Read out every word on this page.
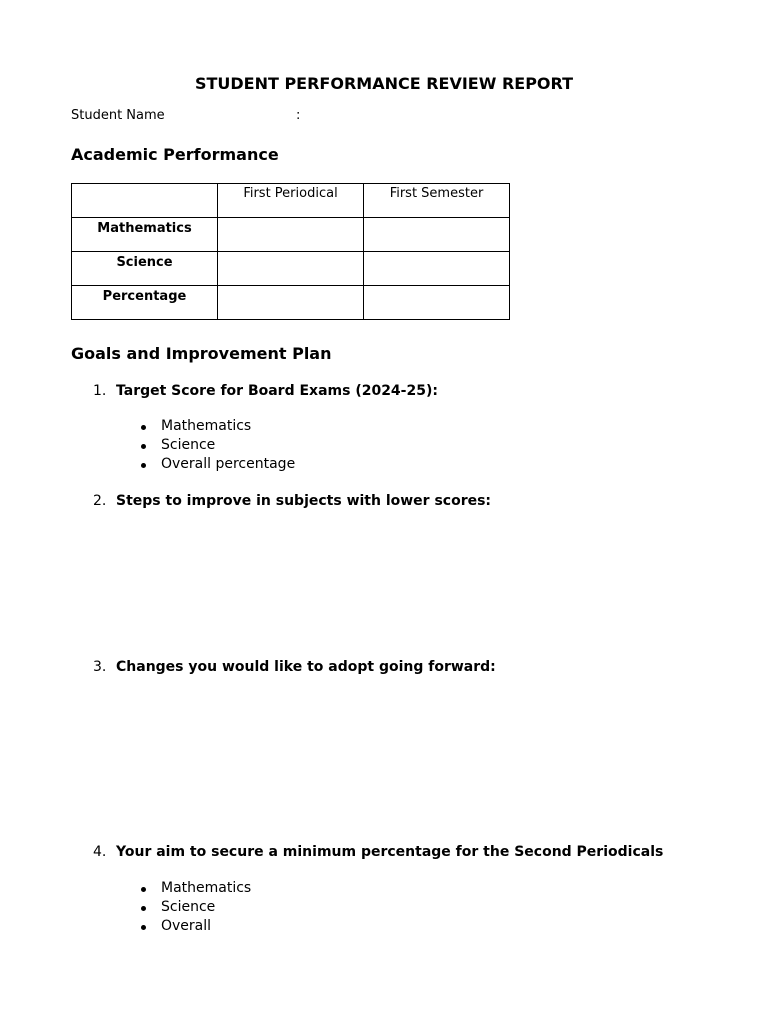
STUDENT PERFORMANCE REVIEW REPORT
Student Name	:
Academic Performance

	First Periodical	First Semester

Mathematics		

Science		

Percentage		

Goals and Improvement Plan
1. Target Score for Board Exams (2024-25):
Mathematics
Science
Overall percentage
2. Steps to improve in subjects with lower scores:
3. Changes you would like to adopt going forward:
4. Your aim to secure a minimum percentage for the Second Periodicals
Mathematics
Science
Overall
